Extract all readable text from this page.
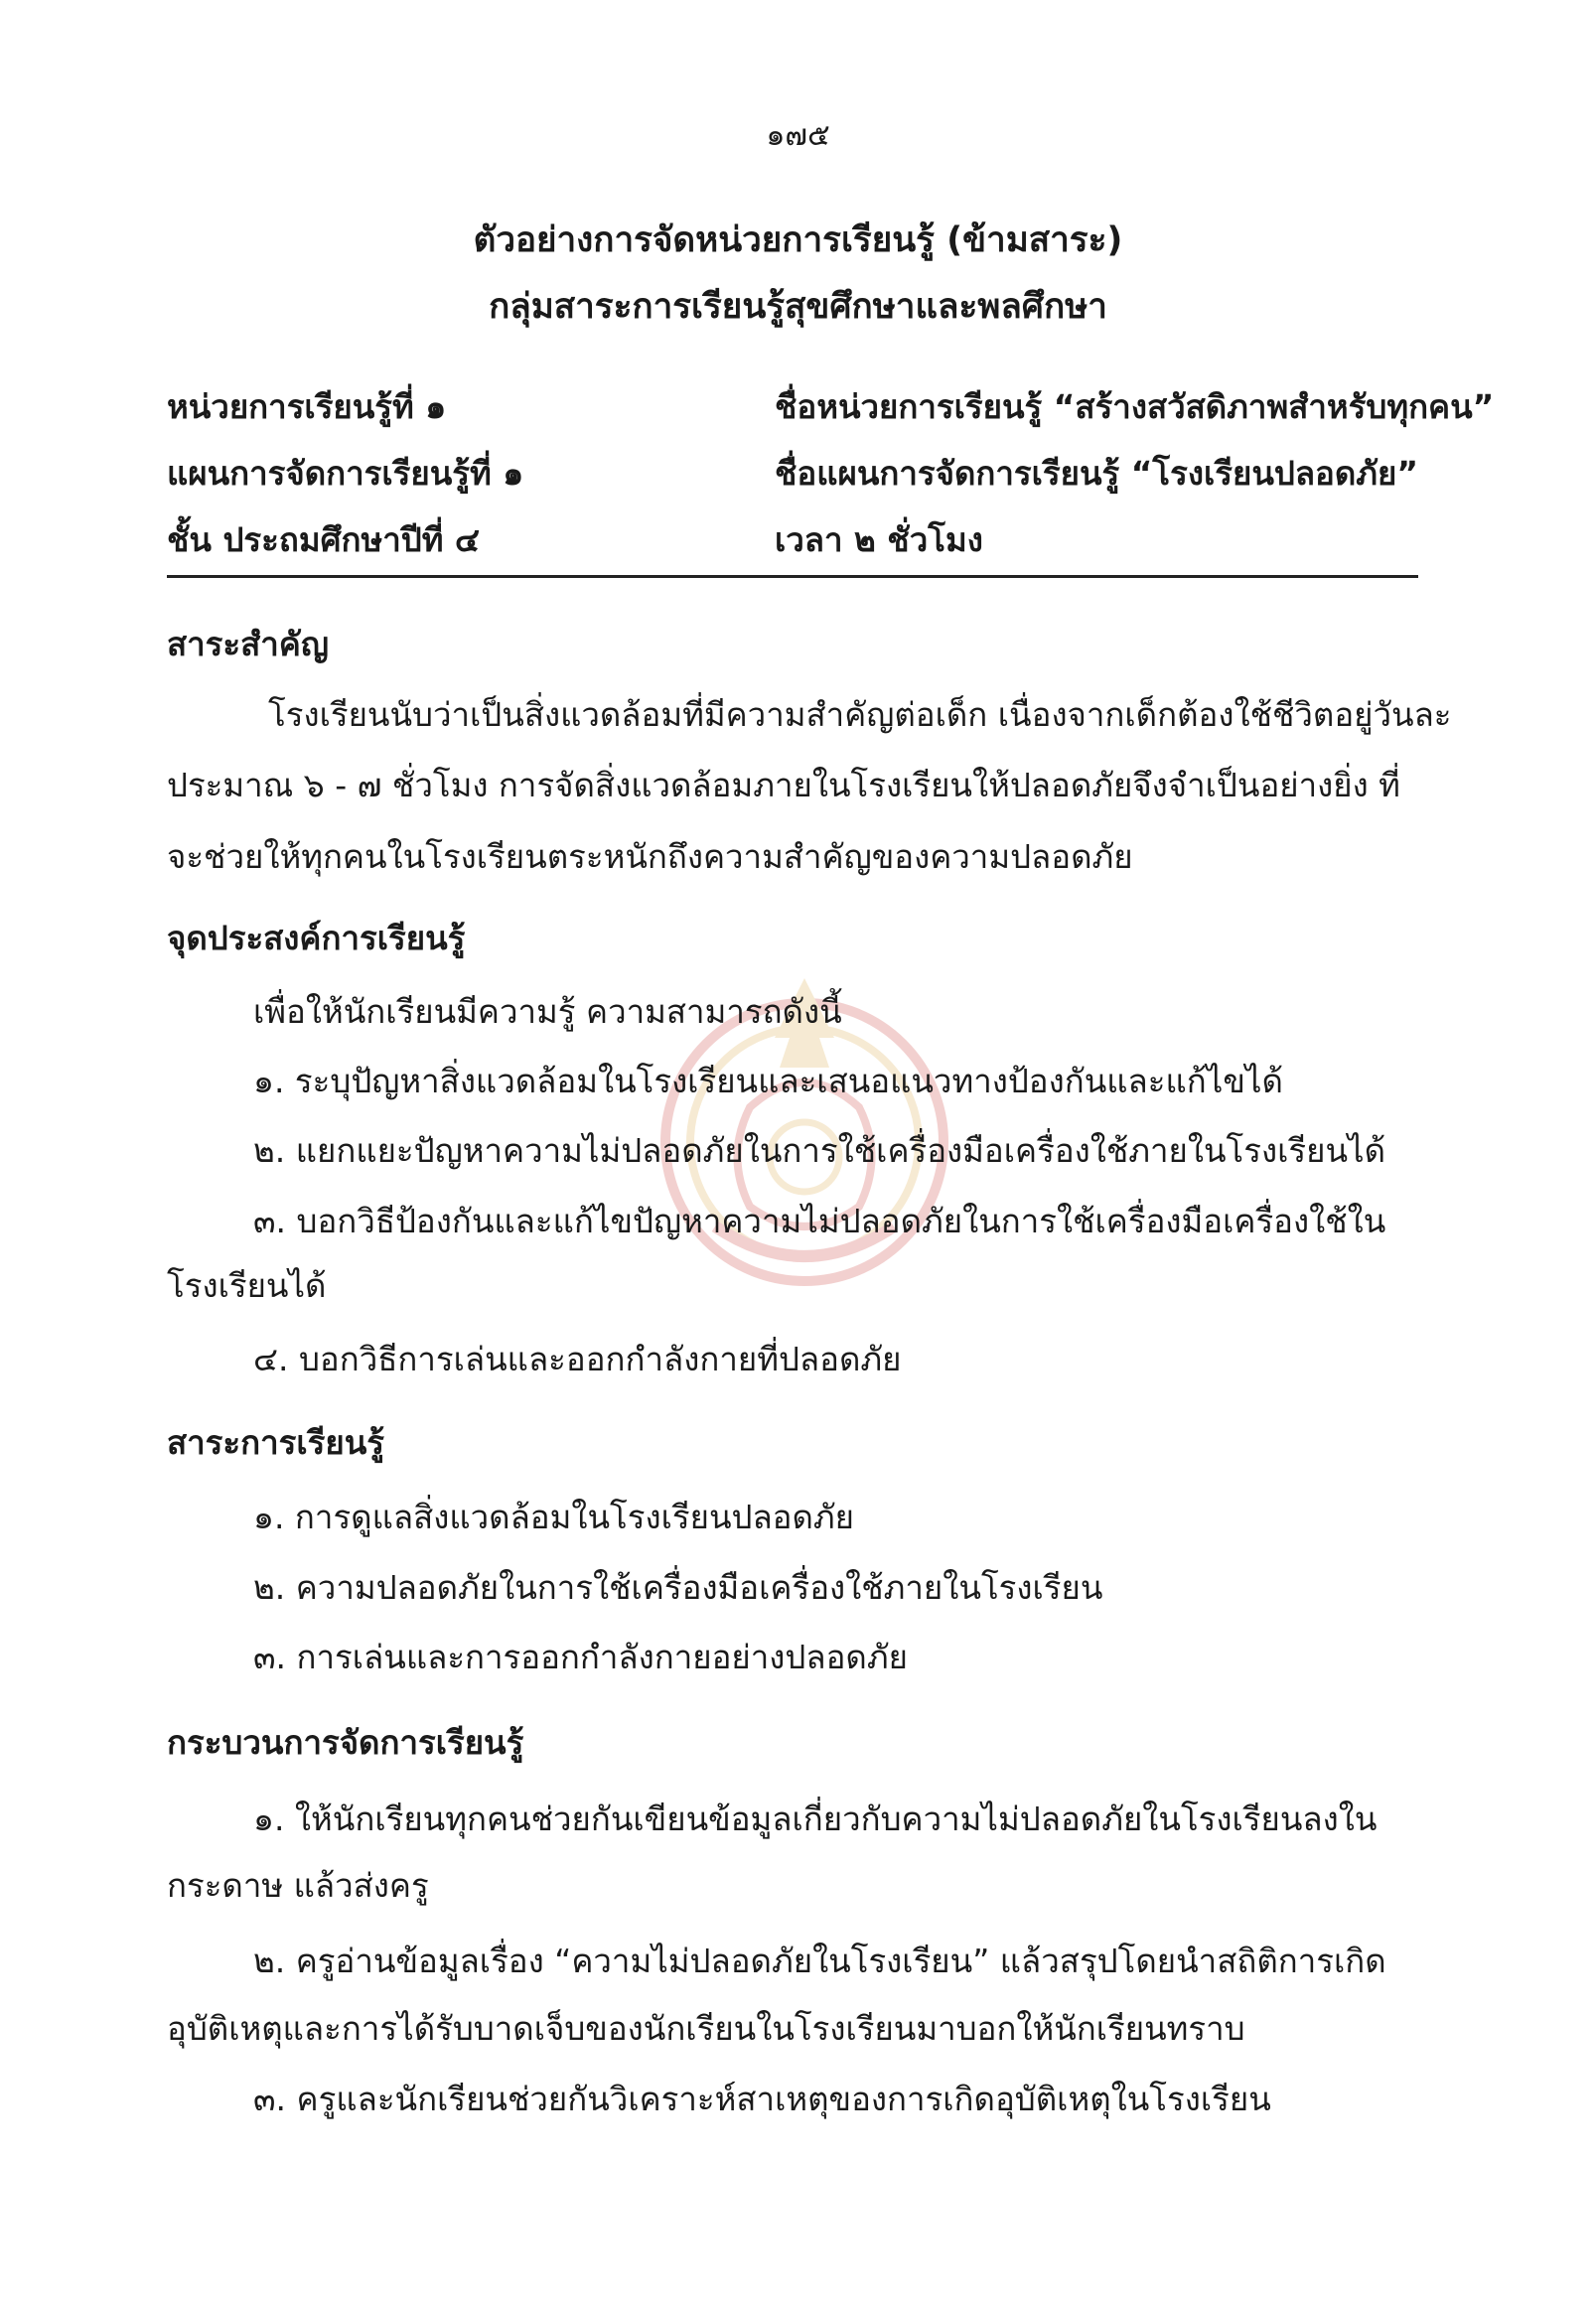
๑๗๕
ตัวอย่างการจัดหน่วยการเรียนรู้ (ข้ามสาระ)
กลุ่มสาระการเรียนรู้สุขศึกษาและพลศึกษา
หน่วยการเรียนรู้ที่ ๑	ชื่อหน่วยการเรียนรู้ “สร้างสวัสดิภาพสำหรับทุกคน”
แผนการจัดการเรียนรู้ที่ ๑	ชื่อแผนการจัดการเรียนรู้ “โรงเรียนปลอดภัย”
ชั้น ประถมศึกษาปีที่ ๔	เวลา ๒ ชั่วโมง
สาระสำคัญ
โรงเรียนนับว่าเป็นสิ่งแวดล้อมที่มีความสำคัญต่อเด็ก เนื่องจากเด็กต้องใช้ชีวิตอยู่วันละ
ประมาณ ๖ - ๗ ชั่วโมง การจัดสิ่งแวดล้อมภายในโรงเรียนให้ปลอดภัยจึงจำเป็นอย่างยิ่ง ที่
จะช่วยให้ทุกคนในโรงเรียนตระหนักถึงความสำคัญของความปลอดภัย
จุดประสงค์การเรียนรู้
เพื่อให้นักเรียนมีความรู้ ความสามารถดังนี้
๑. ระบุปัญหาสิ่งแวดล้อมในโรงเรียนและเสนอแนวทางป้องกันและแก้ไขได้
๒. แยกแยะปัญหาความไม่ปลอดภัยในการใช้เครื่องมือเครื่องใช้ภายในโรงเรียนได้
๓. บอกวิธีป้องกันและแก้ไขปัญหาความไม่ปลอดภัยในการใช้เครื่องมือเครื่องใช้ใน
โรงเรียนได้
๔. บอกวิธีการเล่นและออกกำลังกายที่ปลอดภัย
สาระการเรียนรู้
๑. การดูแลสิ่งแวดล้อมในโรงเรียนปลอดภัย
๒. ความปลอดภัยในการใช้เครื่องมือเครื่องใช้ภายในโรงเรียน
๓. การเล่นและการออกกำลังกายอย่างปลอดภัย
กระบวนการจัดการเรียนรู้
๑. ให้นักเรียนทุกคนช่วยกันเขียนข้อมูลเกี่ยวกับความไม่ปลอดภัยในโรงเรียนลงใน
กระดาษ แล้วส่งครู
๒. ครูอ่านข้อมูลเรื่อง “ความไม่ปลอดภัยในโรงเรียน” แล้วสรุปโดยนำสถิติการเกิด
อุบัติเหตุและการได้รับบาดเจ็บของนักเรียนในโรงเรียนมาบอกให้นักเรียนทราบ
๓. ครูและนักเรียนช่วยกันวิเคราะห์สาเหตุของการเกิดอุบัติเหตุในโรงเรียน
